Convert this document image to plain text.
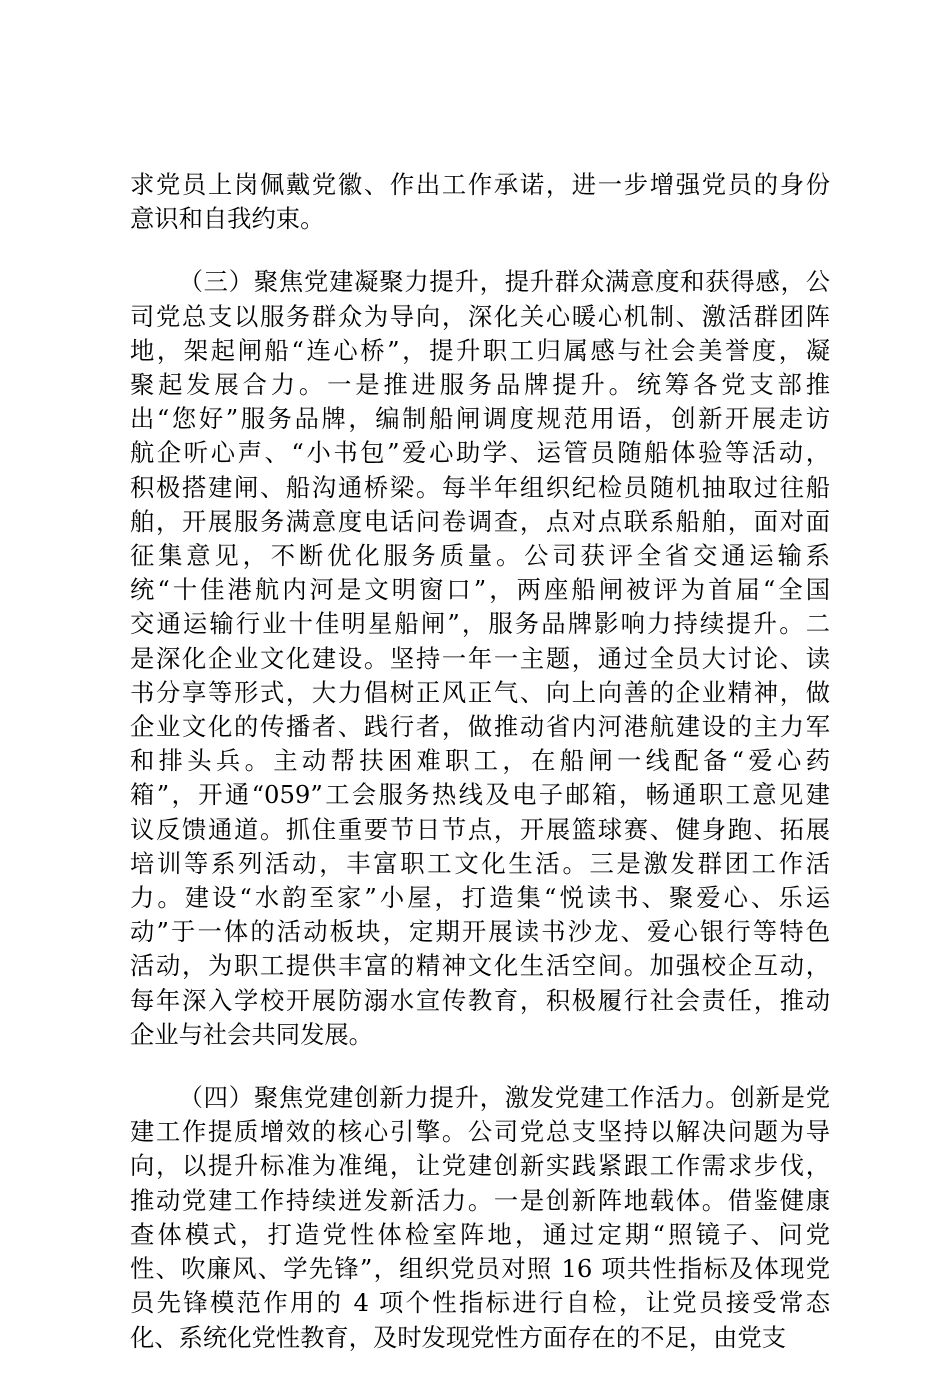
求党员上岗佩戴党徽、作出工作承诺，进一步增强党员的身份
意识和自我约束。
（三）聚焦党建凝聚力提升，提升群众满意度和获得感，公
司党总支以服务群众为导向，深化关心暖心机制、激活群团阵
地，架起闸船“连心桥”，提升职工归属感与社会美誉度，凝
聚起发展合力。一是推进服务品牌提升。统筹各党支部推
出“您好”服务品牌，编制船闸调度规范用语，创新开展走访
航企听心声、“小书包”爱心助学、运管员随船体验等活动，
积极搭建闸、船沟通桥梁。每半年组织纪检员随机抽取过往船
舶，开展服务满意度电话问卷调查，点对点联系船舶，面对面
征集意见，不断优化服务质量。公司获评全省交通运输系
统“十佳港航内河是文明窗口”，两座船闸被评为首届“全国
交通运输行业十佳明星船闸”，服务品牌影响力持续提升。二
是深化企业文化建设。坚持一年一主题，通过全员大讨论、读
书分享等形式，大力倡树正风正气、向上向善的企业精神，做
企业文化的传播者、践行者，做推动省内河港航建设的主力军
和排头兵。主动帮扶困难职工，在船闸一线配备“爱心药
箱”，开通“059”工会服务热线及电子邮箱，畅通职工意见建
议反馈通道。抓住重要节日节点，开展篮球赛、健身跑、拓展
培训等系列活动，丰富职工文化生活。三是激发群团工作活
力。建设“水韵至家”小屋，打造集“悦读书、聚爱心、乐运
动”于一体的活动板块，定期开展读书沙龙、爱心银行等特色
活动，为职工提供丰富的精神文化生活空间。加强校企互动，
每年深入学校开展防溺水宣传教育，积极履行社会责任，推动
企业与社会共同发展。
（四）聚焦党建创新力提升，激发党建工作活力。创新是党
建工作提质增效的核心引擎。公司党总支坚持以解决问题为导
向，以提升标准为准绳，让党建创新实践紧跟工作需求步伐，
推动党建工作持续迸发新活力。一是创新阵地载体。借鉴健康
查体模式，打造党性体检室阵地，通过定期“照镜子、问党
性、吹廉风、学先锋”，组织党员对照 16 项共性指标及体现党
员先锋模范作用的 4 项个性指标进行自检，让党员接受常态
化、系统化党性教育，及时发现党性方面存在的不足，由党支
